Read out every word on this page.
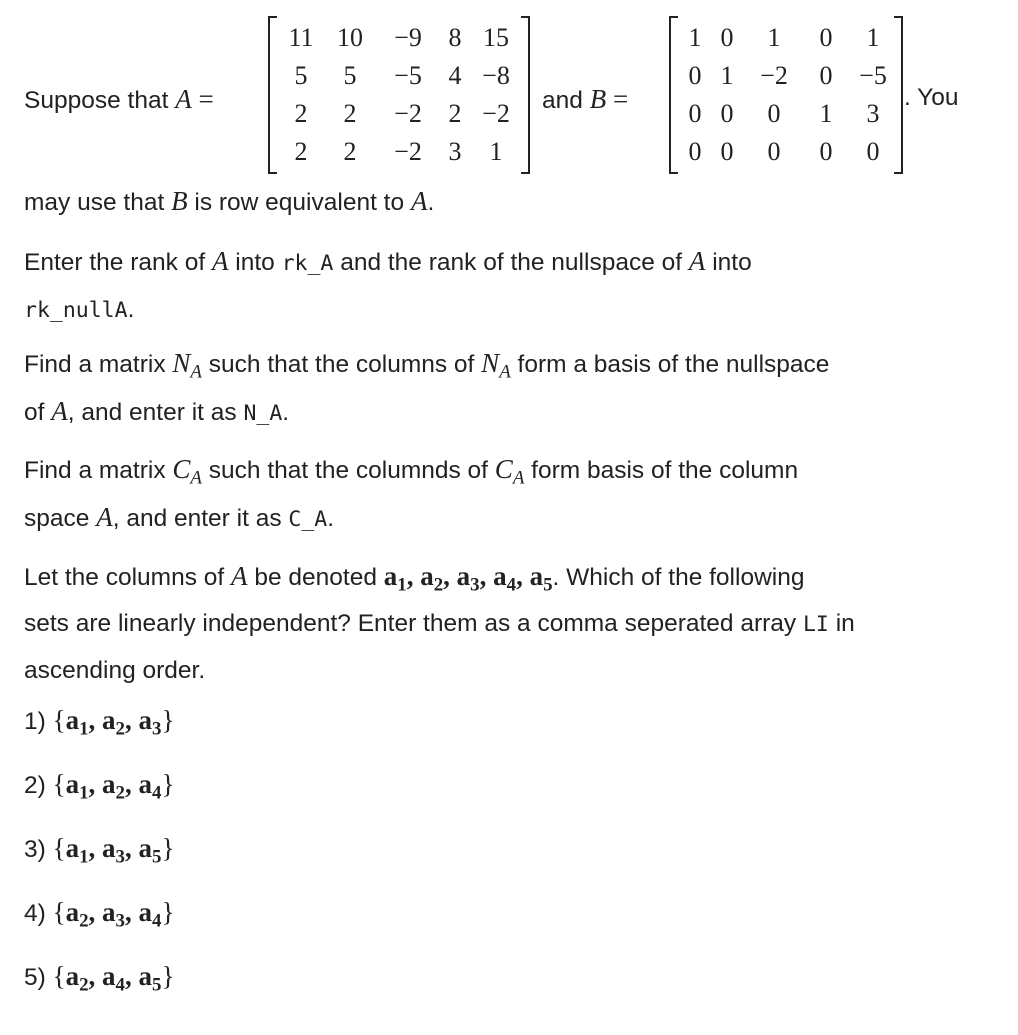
Suppose that A =
11	10	−9	8	15
5	5	−5	4	−8
2	2	−2	2	−2
2	2	−2	3	1
and B =
1	0	1	0	1
0	1	−2	0	−5
0	0	0	1	3
0	0	0	0	0
. You
may use that B is row equivalent to A.
Enter the rank of A into rk_A and the rank of the nullspace of A into
rk_nullA.
Find a matrix $N_A$ such that the columns of $N_A$ form a basis of the nullspace
of A, and enter it as N_A.
Find a matrix $C_A$ such that the columnds of $C_A$ form basis of the column
space A, and enter it as C_A.
Let the columns of A be denoted $a_1$, $a_2$, $a_3$, $a_4$, $a_5$. Which of the following
sets are linearly independent? Enter them as a comma seperated array LI in
ascending order.
1) {$a_1$, $a_2$, $a_3$}
2) {$a_1$, $a_2$, $a_4$}
3) {$a_1$, $a_3$, $a_5$}
4) {$a_2$, $a_3$, $a_4$}
5) {$a_2$, $a_4$, $a_5$}
